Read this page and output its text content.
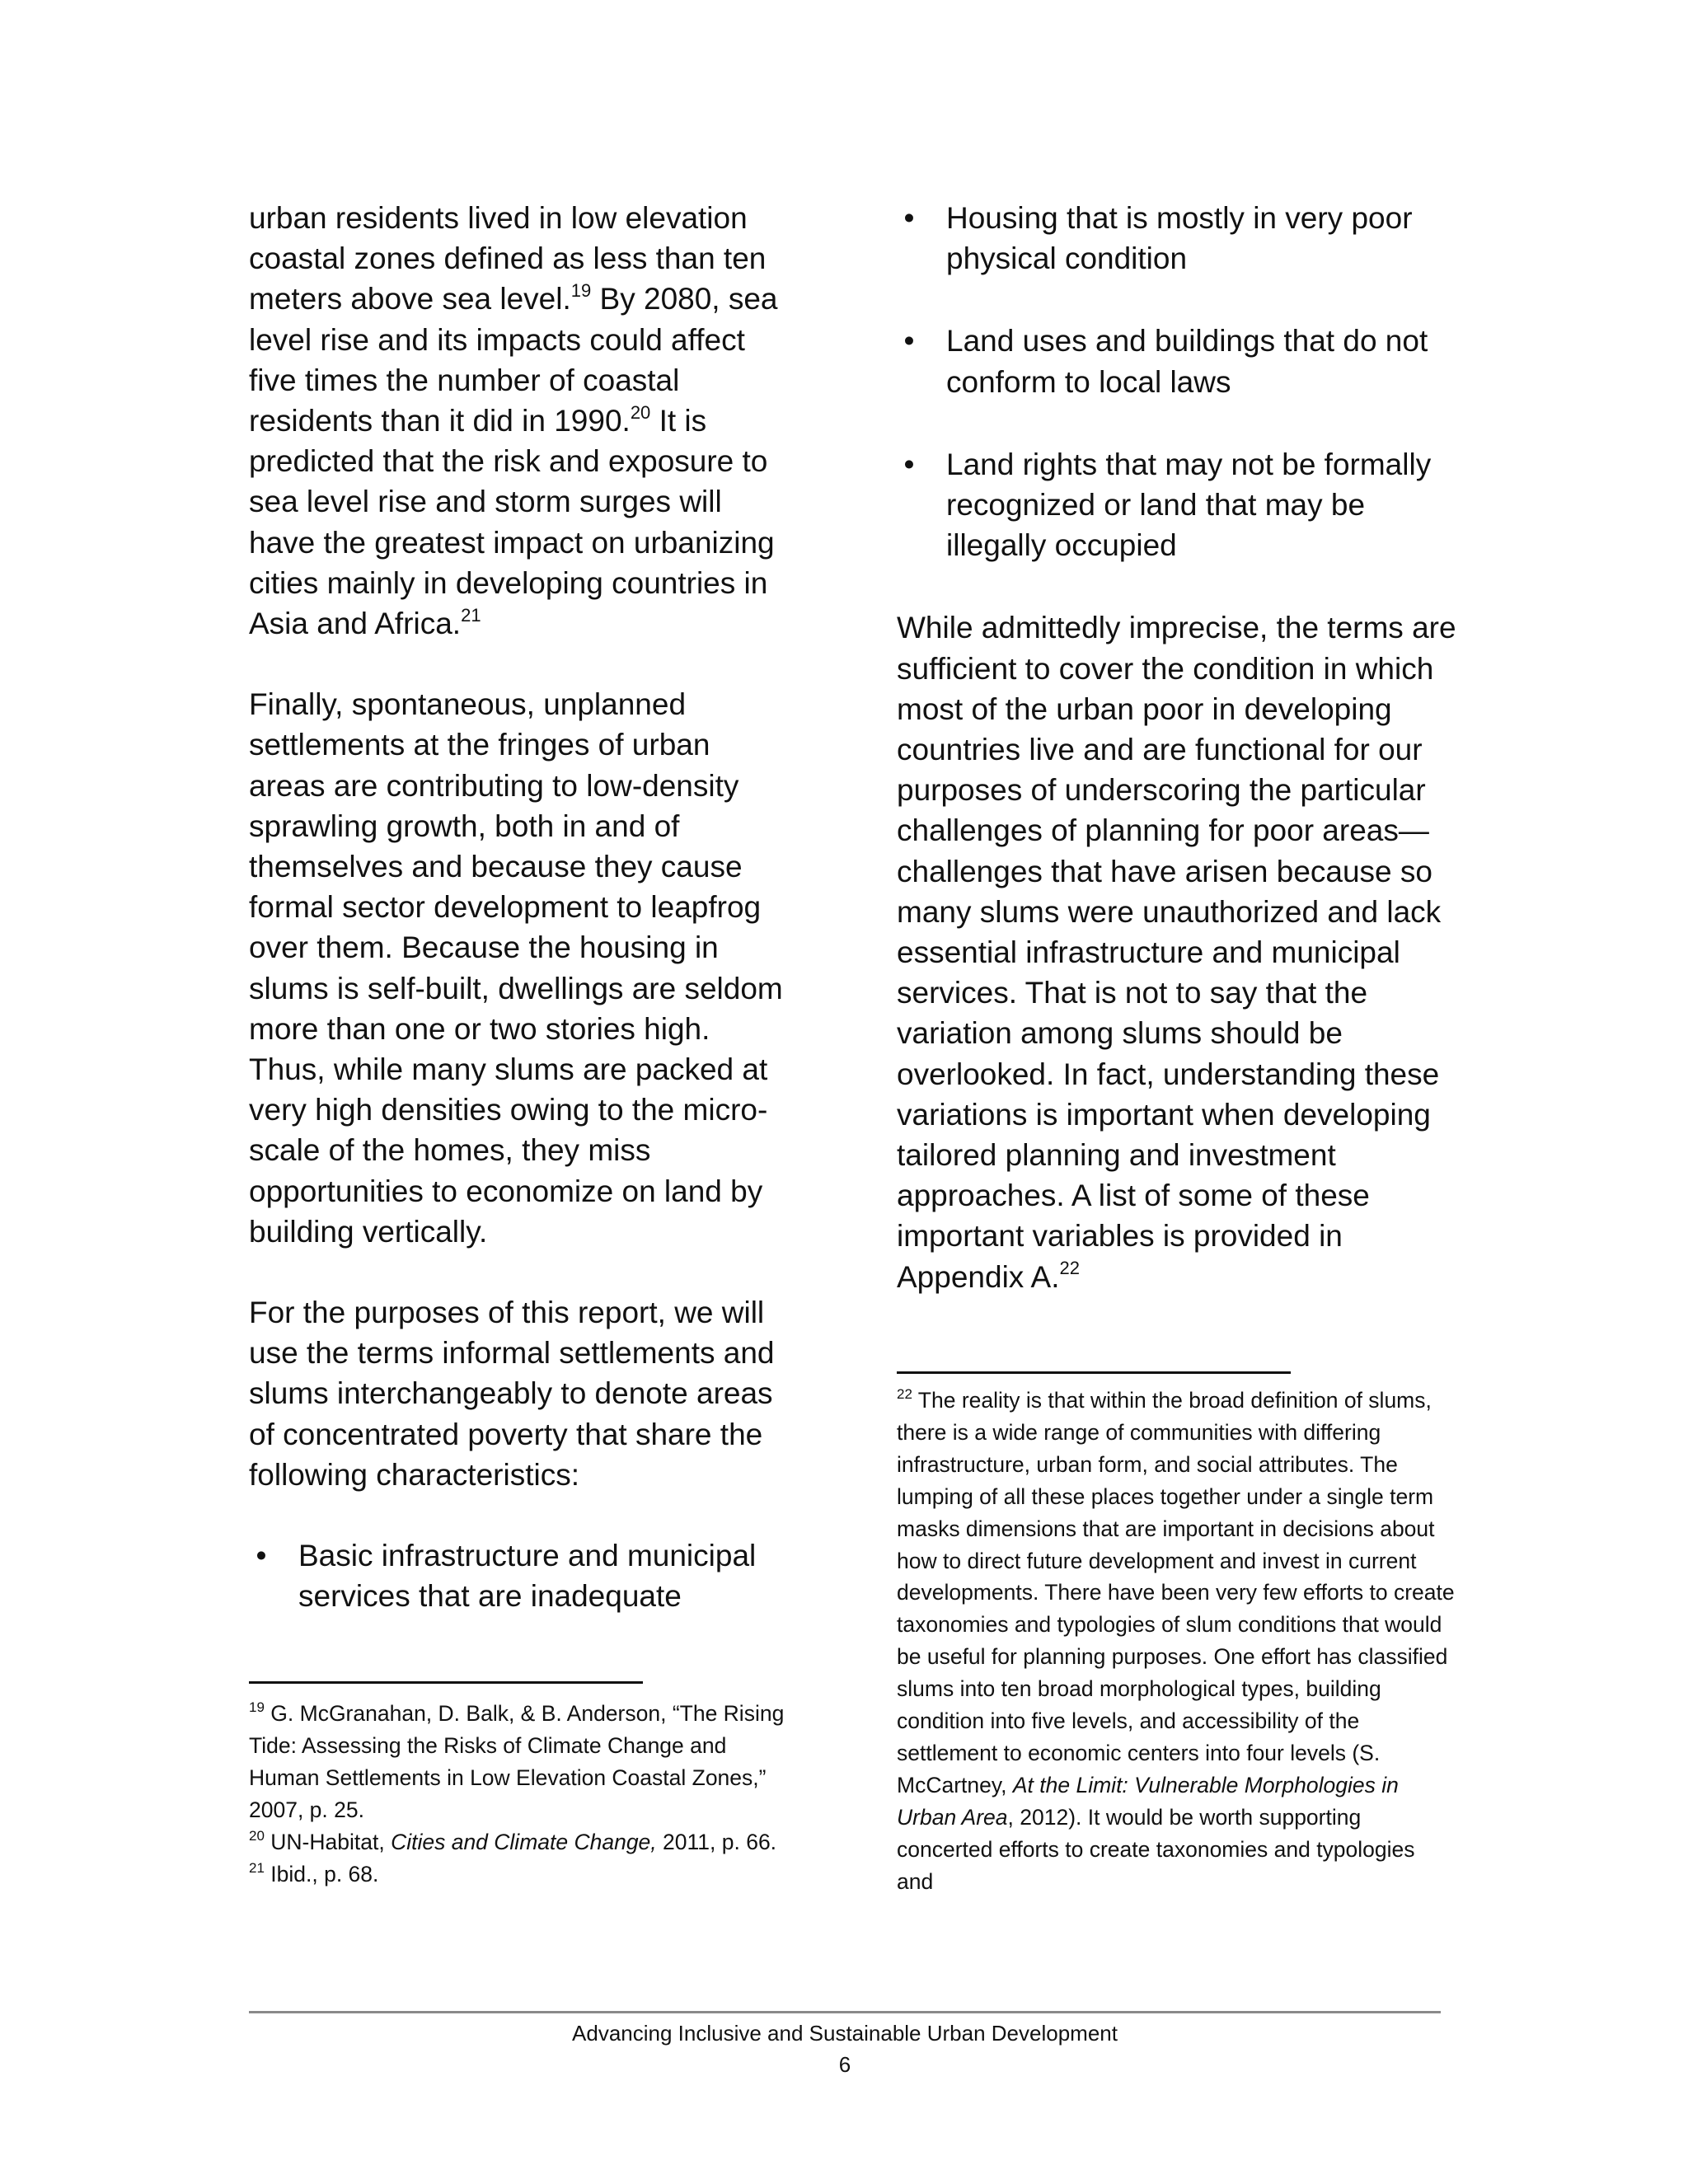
urban residents lived in low elevation coastal zones defined as less than ten meters above sea level.$^{19}$ By 2080, sea level rise and its impacts could affect five times the number of coastal residents than it did in 1990.20 It is predicted that the risk and exposure to sea level rise and storm surges will have the greatest impact on urbanizing cities mainly in developing countries in Asia and Africa.$^{21}$

Finally, spontaneous, unplanned settlements at the fringes of urban areas are contributing to low-density sprawling growth, both in and of themselves and because they cause formal sector development to leapfrog over them. Because the housing in slums is self-built, dwellings are seldom more than one or two stories high. Thus, while many slums are packed at very high densities owing to the micro-scale of the homes, they miss opportunities to economize on land by building vertically.

For the purposes of this report, we will use the terms informal settlements and slums interchangeably to denote areas of concentrated poverty that share the following characteristics:

• Basic infrastructure and municipal services that are inadequate

$^{19}$ G. McGranahan, D. Balk, & B. Anderson, “The Rising Tide: Assessing the Risks of Climate Change and Human Settlements in Low Elevation Coastal Zones,” 2007, p. 25.

$^{20}$ UN-Habitat, Cities and Climate Change, 2011, p. 66.

$^{21}$ Ibid., p. 68.

• Housing that is mostly in very poor physical condition
• Land uses and buildings that do not conform to local laws
• Land rights that may not be formally recognized or land that may be illegally occupied

While admittedly imprecise, the terms are sufficient to cover the condition in which most of the urban poor in developing countries live and are functional for our purposes of underscoring the particular challenges of planning for poor areas—challenges that have arisen because so many slums were unauthorized and lack essential infrastructure and municipal services. That is not to say that the variation among slums should be overlooked. In fact, understanding these variations is important when developing tailored planning and investment approaches. A list of some of these important variables is provided in Appendix A.$^{22}$

$^{22}$ The reality is that within the broad definition of slums, there is a wide range of communities with differing infrastructure, urban form, and social attributes. The lumping of all these places together under a single term masks dimensions that are important in decisions about how to direct future development and invest in current developments. There have been very few efforts to create taxonomies and typologies of slum conditions that would be useful for planning purposes. One effort has classified slums into ten broad morphological types, building condition into five levels, and accessibility of the settlement to economic centers into four levels (S. McCartney, At the Limit: Vulnerable Morphologies in Urban Area, 2012). It would be worth supporting concerted efforts to create taxonomies and typologies and

Advancing Inclusive and Sustainable Urban Development
6
